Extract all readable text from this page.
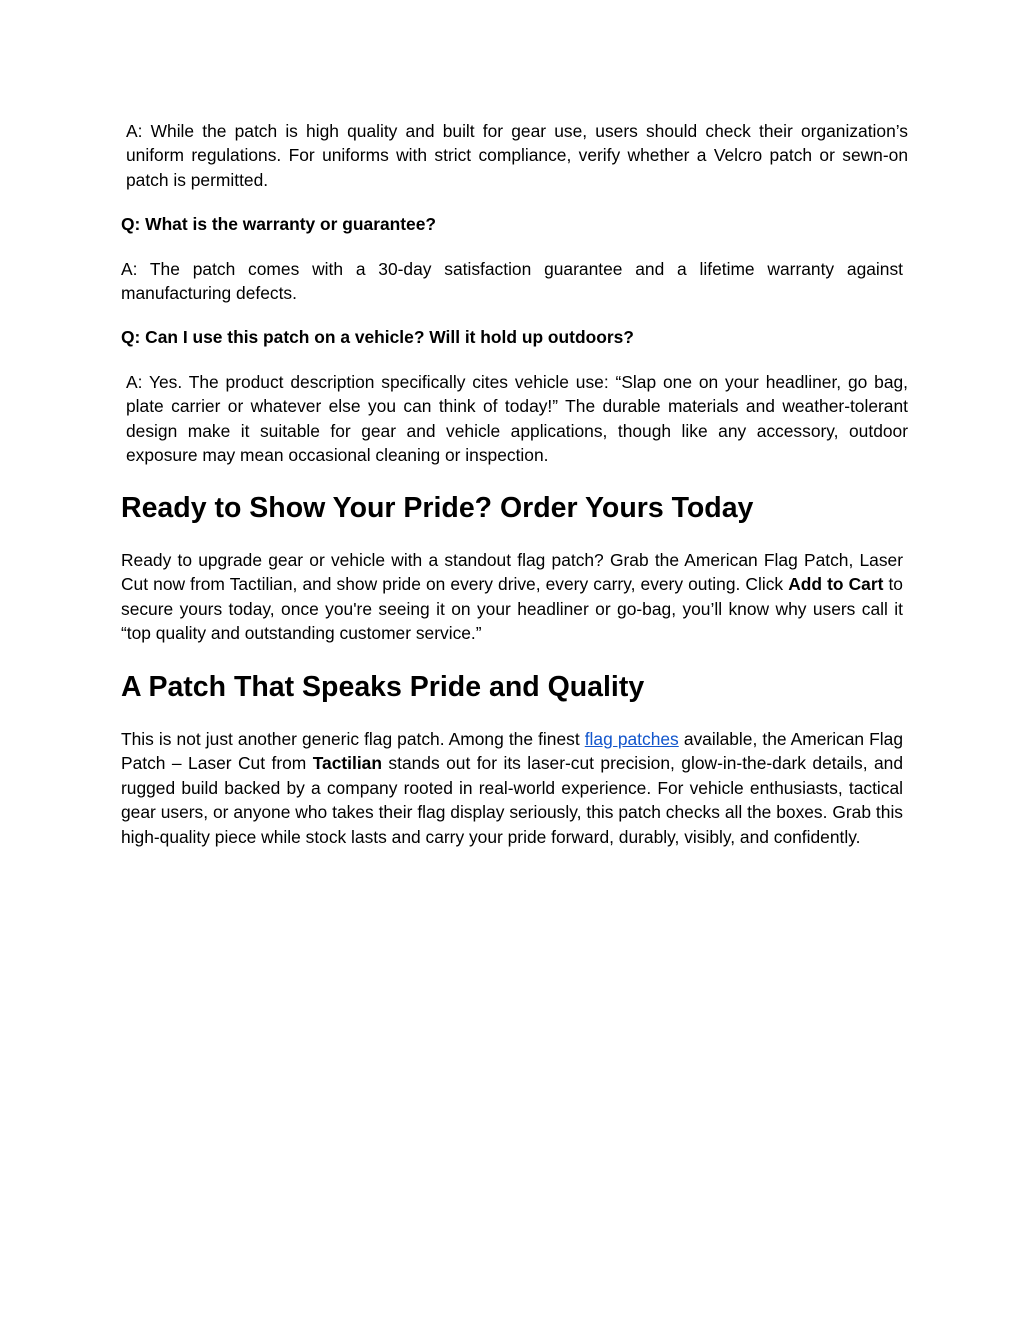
A: While the patch is high quality and built for gear use, users should check their organization’s uniform regulations. For uniforms with strict compliance, verify whether a Velcro patch or sewn-on patch is permitted.

Q: What is the warranty or guarantee?

A: The patch comes with a 30‑day satisfaction guarantee and a lifetime warranty against manufacturing defects.

Q: Can I use this patch on a vehicle? Will it hold up outdoors?

A: Yes. The product description specifically cites vehicle use: “Slap one on your headliner, go bag, plate carrier or whatever else you can think of today!” The durable materials and weather‑tolerant design make it suitable for gear and vehicle applications, though like any accessory, outdoor exposure may mean occasional cleaning or inspection.

Ready to Show Your Pride? Order Yours Today

Ready to upgrade gear or vehicle with a standout flag patch? Grab the American Flag Patch, Laser Cut now from Tactilian, and show pride on every drive, every carry, every outing. Click Add to Cart to secure yours today, once you're seeing it on your headliner or go-bag, you’ll know why users call it “top quality and outstanding customer service.”

A Patch That Speaks Pride and Quality

This is not just another generic flag patch. Among the finest flag patches available, the American Flag Patch – Laser Cut from Tactilian stands out for its laser-cut precision, glow-in-the-dark details, and rugged build backed by a company rooted in real-world experience. For vehicle enthusiasts, tactical gear users, or anyone who takes their flag display seriously, this patch checks all the boxes. Grab this high-quality piece while stock lasts and carry your pride forward, durably, visibly, and confidently.
